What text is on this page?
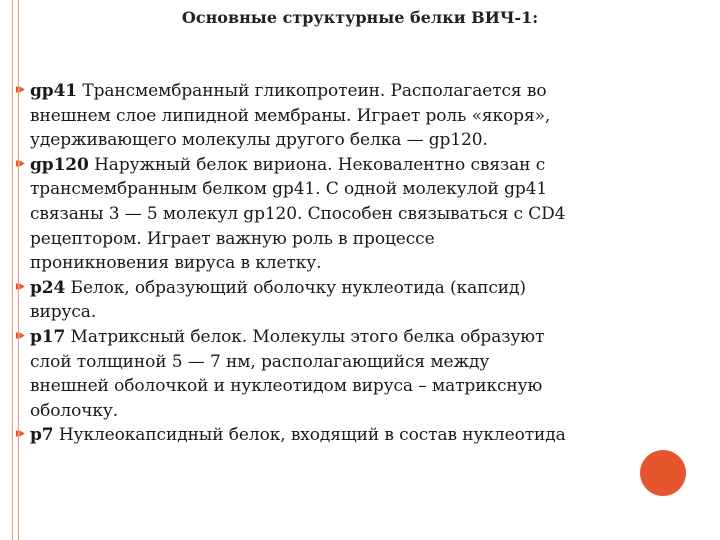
Основные структурные белки ВИЧ-1:
gp41 Трансмембранный гликопротеин. Располагается во
внешнем слое липидной мембраны. Играет роль «якоря»,
удерживающего молекулы другого белка — gp120.
gp120 Наружный белок вириона. Нековалентно связан с
трансмембранным белком gp41. С одной молекулой gp41
связаны 3 — 5 молекул gp120. Способен связываться с CD4
рецептором. Играет важную роль в процессе
проникновения вируса в клетку.
p24 Белок, образующий оболочку нуклеотида (капсид)
вируса.
p17 Матриксный белок. Молекулы этого белка образуют
слой толщиной 5 — 7 нм, располагающийся между
внешней оболочкой и нуклеотидом вируса – матриксную
оболочку.
p7 Нуклеокапсидный белок, входящий в состав нуклеотида
